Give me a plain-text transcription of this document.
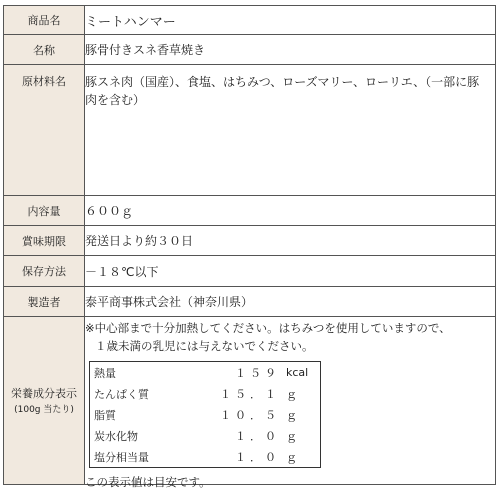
商品名	ミートハンマー

名称	豚骨付きスネ香草焼き

原材料名	豚スネ肉（国産）、食塩、はちみつ、ローズマリー、ローリエ、（一部に豚肉を含む）

内容量	６００ｇ

賞味期限	発送日より約３０日

保存方法	－１８℃以下

製造者	泰平商事株式会社（神奈川県）

栄養成分表示
(100g 当たり)

※中心部まで十分加熱してください。はちみつを使用していますので、
１歳未満の乳児には与えないでください。
熱量	１５９	kcal
たんぱく質	１５．１	ｇ
脂質	１０．５	ｇ
炭水化物	１．０	ｇ
塩分相当量	１．０	ｇ
この表示値は目安です。
